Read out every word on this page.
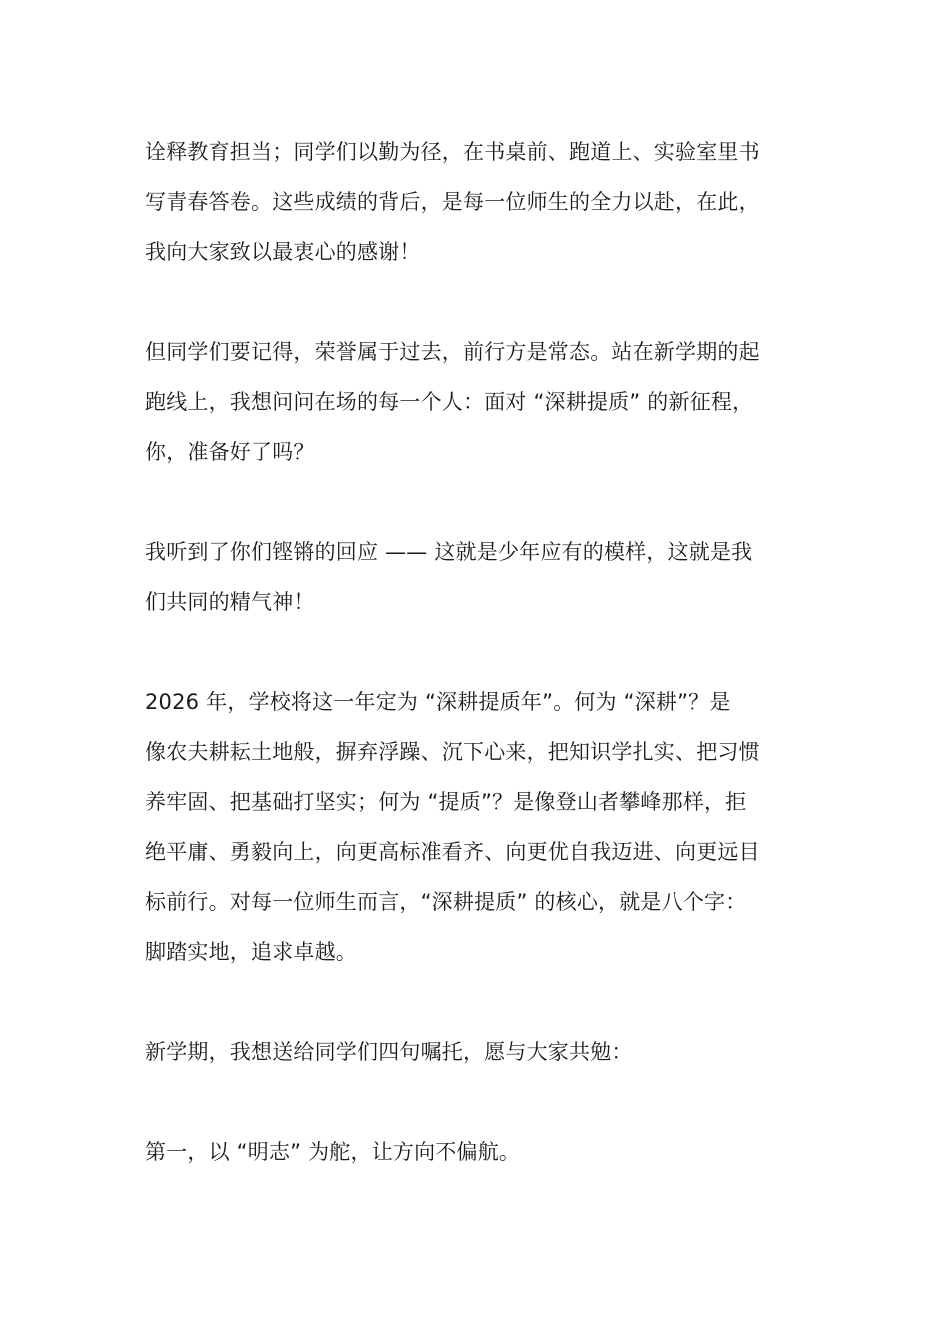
诠释教育担当；同学们以勤为径，在书桌前、跑道上、实验室里书
写青春答卷。这些成绩的背后，是每一位师生的全力以赴，在此，
我向大家致以最衷心的感谢！

但同学们要记得，荣誉属于过去，前行方是常态。站在新学期的起
跑线上，我想问问在场的每一个人：面对 “深耕提质” 的新征程，
你，准备好了吗？

我听到了你们铿锵的回应 —— 这就是少年应有的模样，这就是我
们共同的精气神！

2026 年，学校将这一年定为 “深耕提质年”。何为 “深耕”？是
像农夫耕耘土地般，摒弃浮躁、沉下心来，把知识学扎实、把习惯
养牢固、把基础打坚实；何为 “提质”？是像登山者攀峰那样，拒
绝平庸、勇毅向上，向更高标准看齐、向更优自我迈进、向更远目
标前行。对每一位师生而言，“深耕提质” 的核心，就是八个字：
脚踏实地，追求卓越。

新学期，我想送给同学们四句嘱托，愿与大家共勉：

第一，以 “明志” 为舵，让方向不偏航。
